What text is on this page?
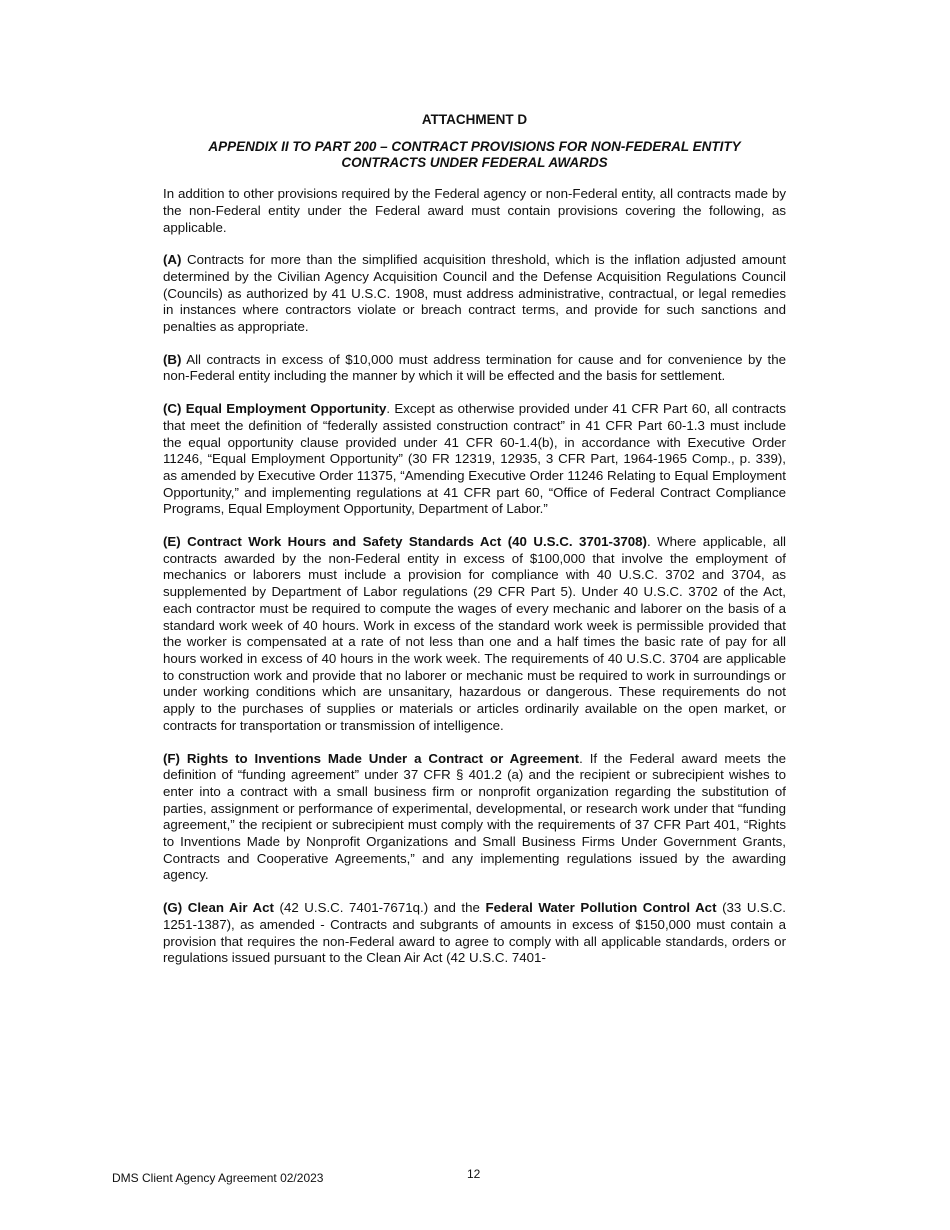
ATTACHMENT D
APPENDIX II TO PART 200 – CONTRACT PROVISIONS FOR NON-FEDERAL ENTITY CONTRACTS UNDER FEDERAL AWARDS

In addition to other provisions required by the Federal agency or non-Federal entity, all contracts made by the non-Federal entity under the Federal award must contain provisions covering the following, as applicable.

(A) Contracts for more than the simplified acquisition threshold, which is the inflation adjusted amount determined by the Civilian Agency Acquisition Council and the Defense Acquisition Regulations Council (Councils) as authorized by 41 U.S.C. 1908, must address administrative, contractual, or legal remedies in instances where contractors violate or breach contract terms, and provide for such sanctions and penalties as appropriate.

(B) All contracts in excess of $10,000 must address termination for cause and for convenience by the non-Federal entity including the manner by which it will be effected and the basis for settlement.

(C) Equal Employment Opportunity. Except as otherwise provided under 41 CFR Part 60, all contracts that meet the definition of “federally assisted construction contract” in 41 CFR Part 60-1.3 must include the equal opportunity clause provided under 41 CFR 60-1.4(b), in accordance with Executive Order 11246, “Equal Employment Opportunity” (30 FR 12319, 12935, 3 CFR Part, 1964-1965 Comp., p. 339), as amended by Executive Order 11375, “Amending Executive Order 11246 Relating to Equal Employment Opportunity,” and implementing regulations at 41 CFR part 60, “Office of Federal Contract Compliance Programs, Equal Employment Opportunity, Department of Labor.”

(E) Contract Work Hours and Safety Standards Act (40 U.S.C. 3701-3708). Where applicable, all contracts awarded by the non-Federal entity in excess of $100,000 that involve the employment of mechanics or laborers must include a provision for compliance with 40 U.S.C. 3702 and 3704, as supplemented by Department of Labor regulations (29 CFR Part 5). Under 40 U.S.C. 3702 of the Act, each contractor must be required to compute the wages of every mechanic and laborer on the basis of a standard work week of 40 hours. Work in excess of the standard work week is permissible provided that the worker is compensated at a rate of not less than one and a half times the basic rate of pay for all hours worked in excess of 40 hours in the work week. The requirements of 40 U.S.C. 3704 are applicable to construction work and provide that no laborer or mechanic must be required to work in surroundings or under working conditions which are unsanitary, hazardous or dangerous. These requirements do not apply to the purchases of supplies or materials or articles ordinarily available on the open market, or contracts for transportation or transmission of intelligence.

(F) Rights to Inventions Made Under a Contract or Agreement. If the Federal award meets the definition of “funding agreement” under 37 CFR § 401.2 (a) and the recipient or subrecipient wishes to enter into a contract with a small business firm or nonprofit organization regarding the substitution of parties, assignment or performance of experimental, developmental, or research work under that “funding agreement,” the recipient or subrecipient must comply with the requirements of 37 CFR Part 401, “Rights to Inventions Made by Nonprofit Organizations and Small Business Firms Under Government Grants, Contracts and Cooperative Agreements,” and any implementing regulations issued by the awarding agency.

(G) Clean Air Act (42 U.S.C. 7401-7671q.) and the Federal Water Pollution Control Act (33 U.S.C. 1251-1387), as amended - Contracts and subgrants of amounts in excess of $150,000 must contain a provision that requires the non-Federal award to agree to comply with all applicable standards, orders or regulations issued pursuant to the Clean Air Act (42 U.S.C. 7401-

DMS Client Agency Agreement 02/2023	12
